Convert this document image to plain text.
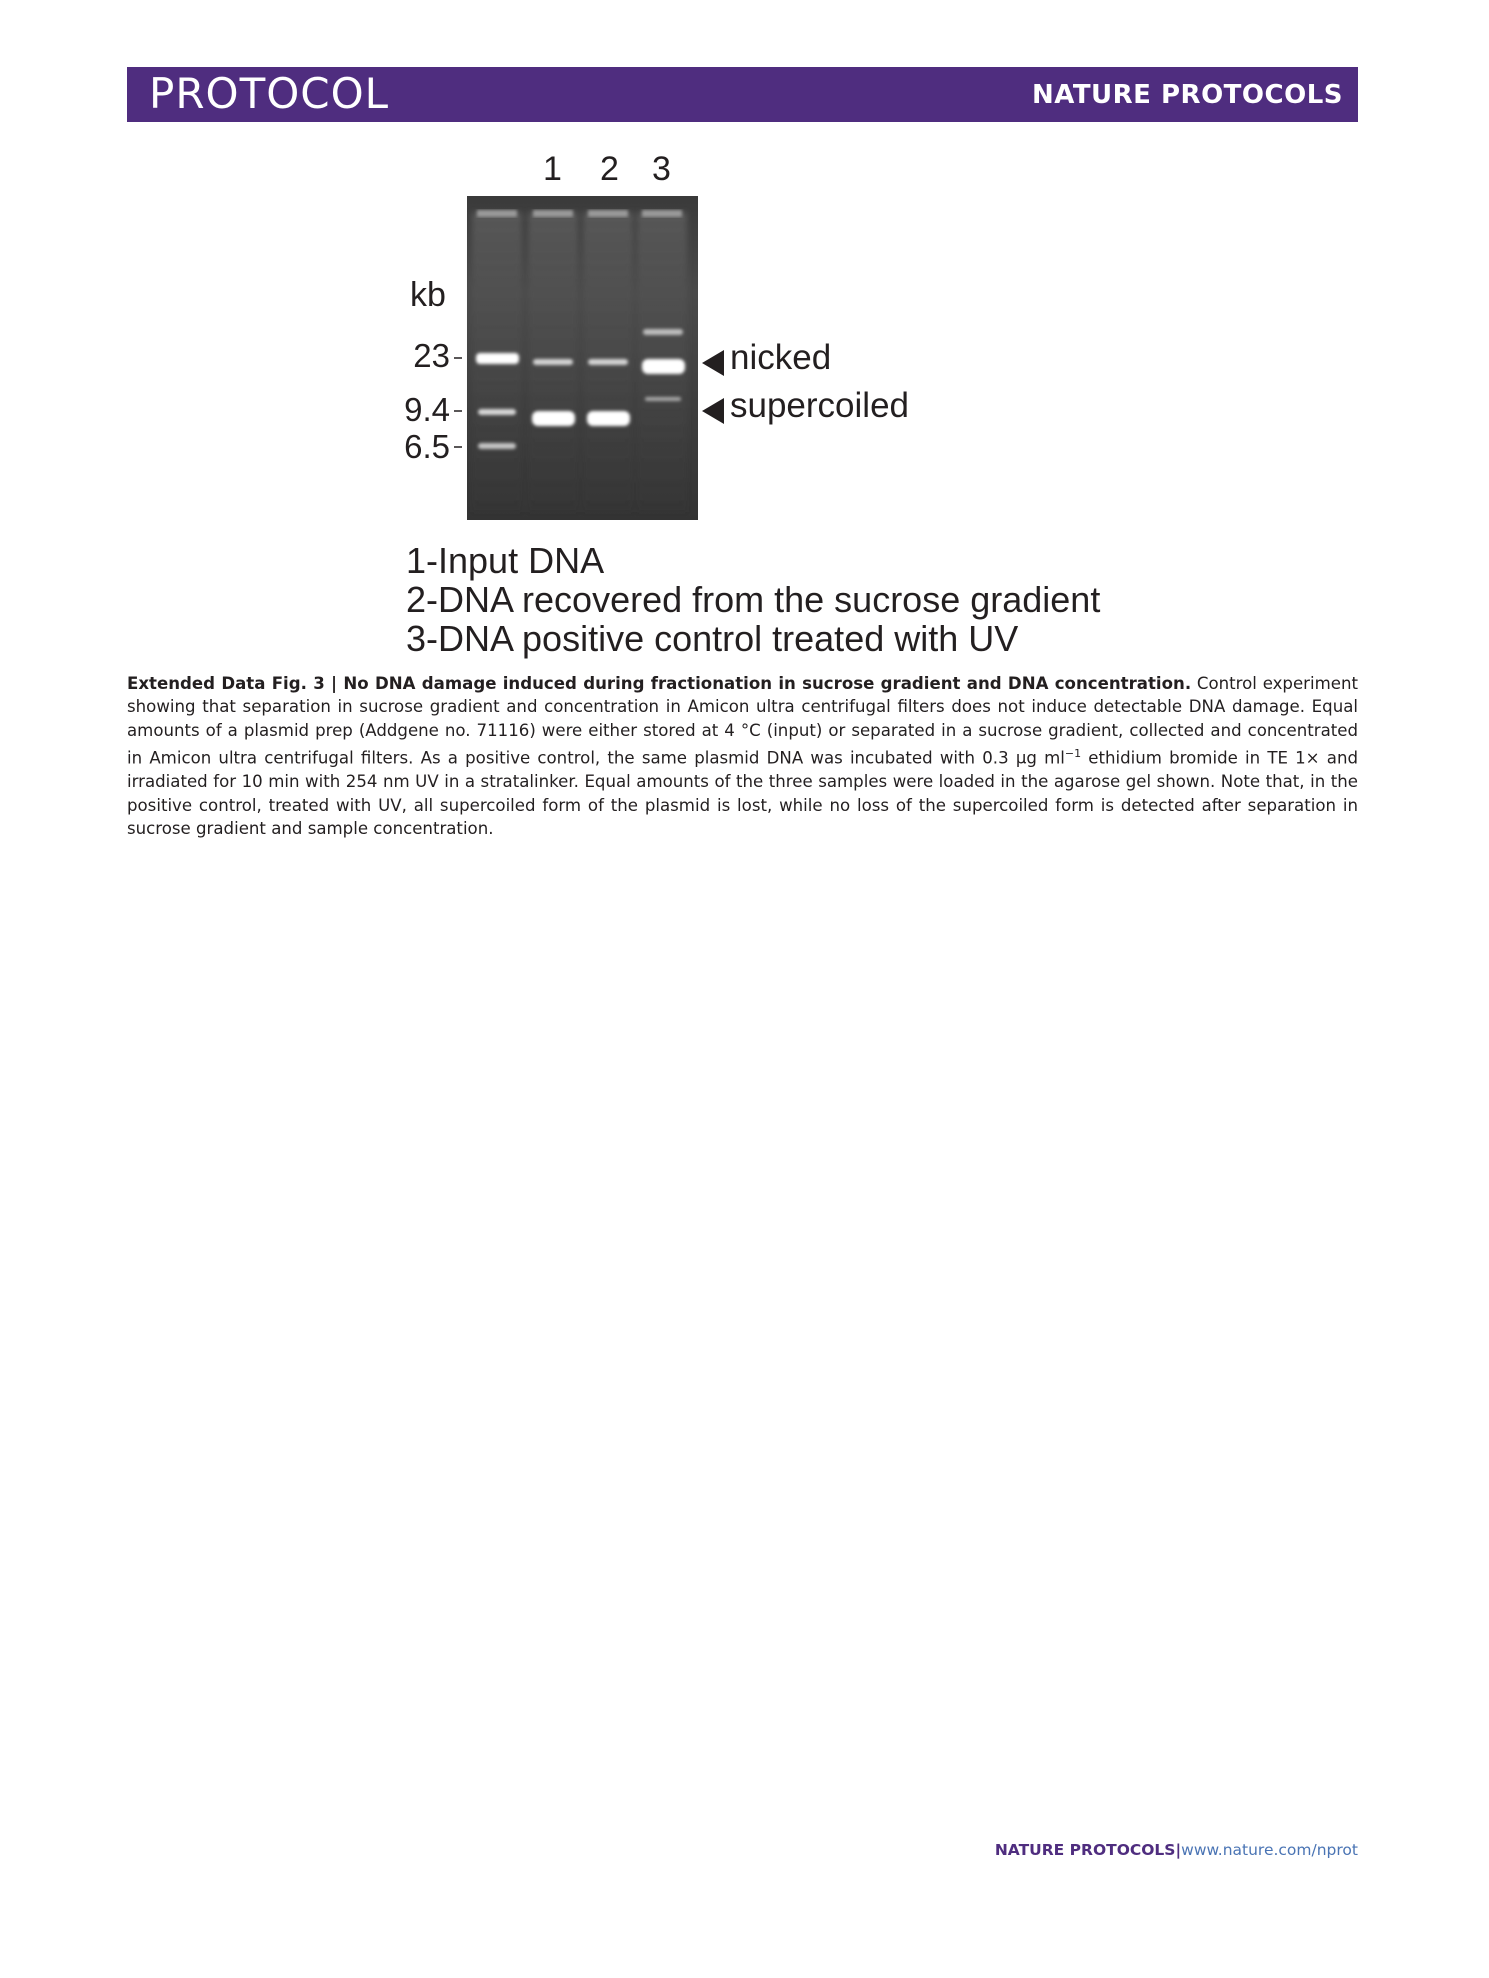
PROTOCOL	NATURE PROTOCOLS
1 2 3
kb
23
9.4
6.5
nicked
supercoiled
1-Input DNA
2-DNA recovered from the sucrose gradient
3-DNA positive control treated with UV
Extended Data Fig. 3 | No DNA damage induced during fractionation in sucrose gradient and DNA concentration. Control experiment showing that separation in sucrose gradient and concentration in Amicon ultra centrifugal filters does not induce detectable DNA damage. Equal amounts of a plasmid prep (Addgene no. 71116) were either stored at 4 °C (input) or separated in a sucrose gradient, collected and concentrated in Amicon ultra centrifugal filters. As a positive control, the same plasmid DNA was incubated with 0.3 μg $ml^{-1}$ ethidium bromide in TE 1× and irradiated for 10 min with 254 nm UV in a stratalinker. Equal amounts of the three samples were loaded in the agarose gel shown. Note that, in the positive control, treated with UV, all supercoiled form of the plasmid is lost, while no loss of the supercoiled form is detected after separation in sucrose gradient and sample concentration.
NATURE PROTOCOLS|www.nature.com/nprot
